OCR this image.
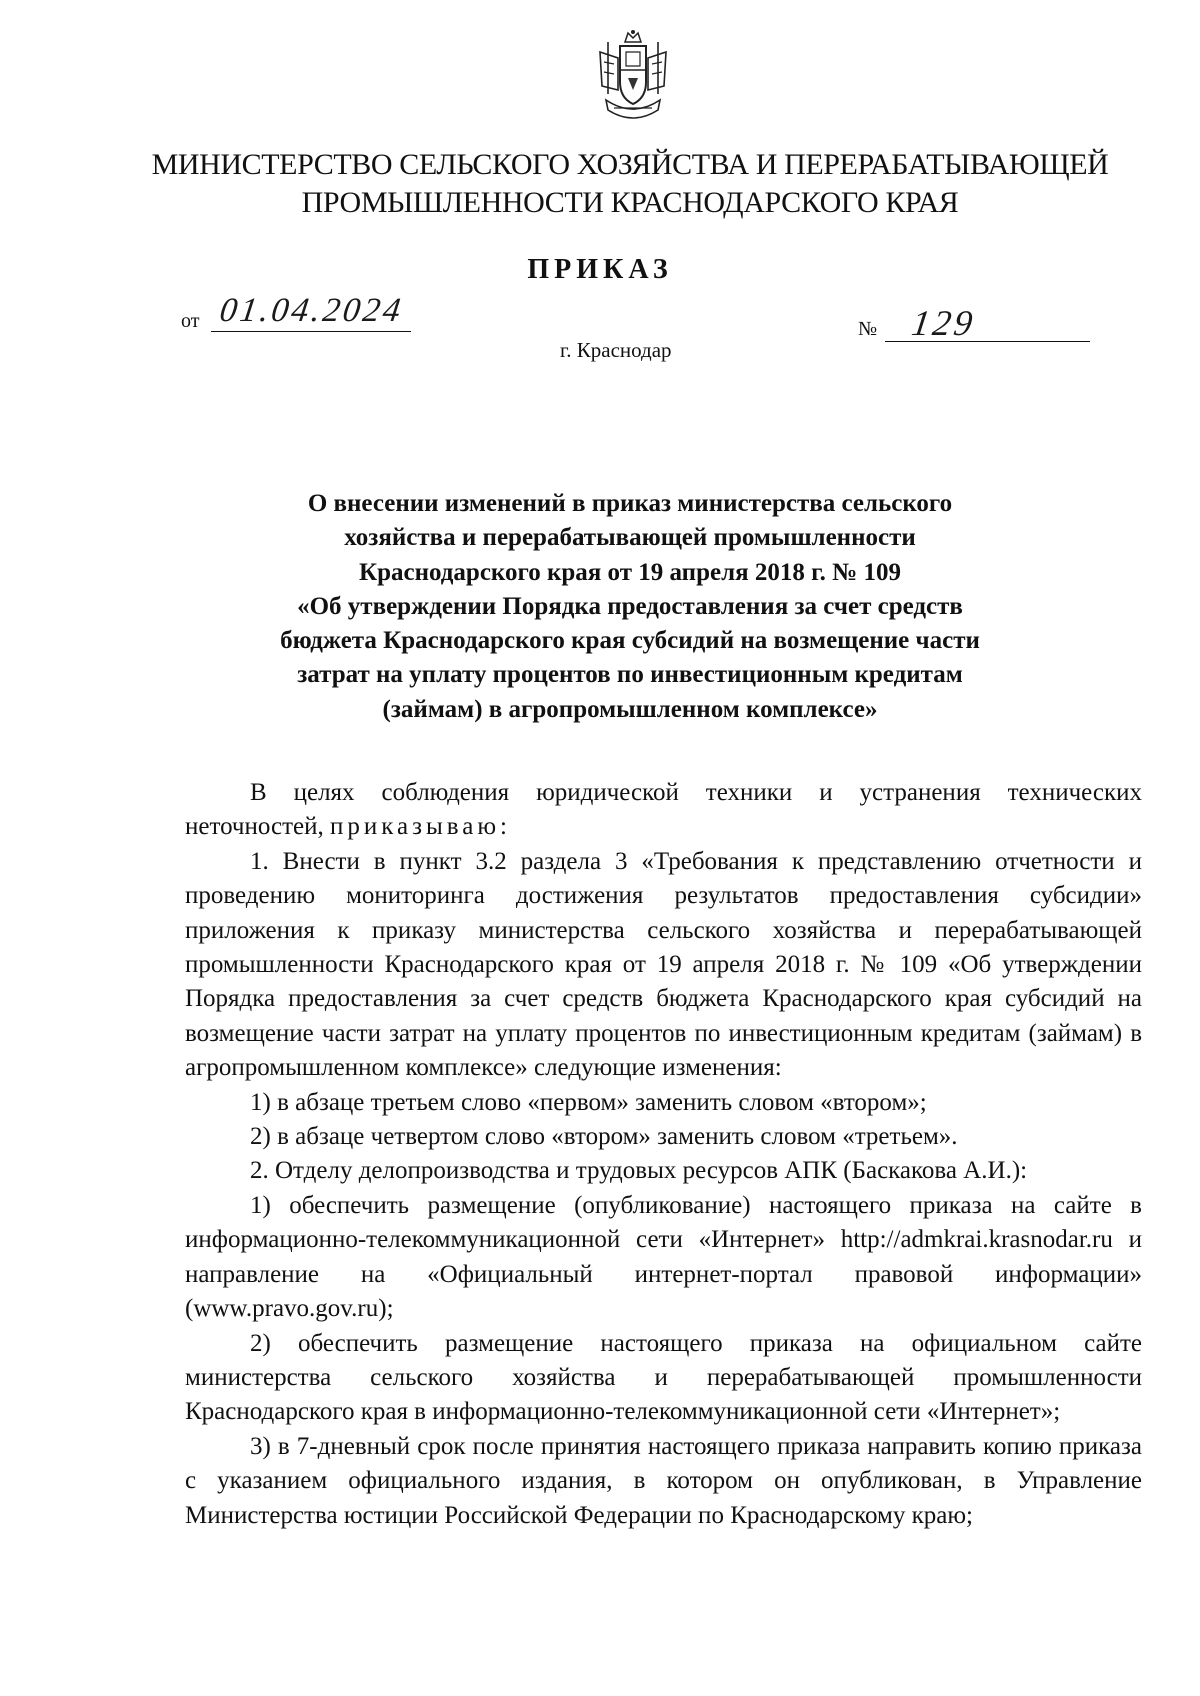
МИНИСТЕРСТВО СЕЛЬСКОГО ХОЗЯЙСТВА И ПЕРЕРАБАТЫВАЮЩЕЙ
ПРОМЫШЛЕННОСТИ КРАСНОДАРСКОГО КРАЯ
ПРИКАЗ
от 01.04.2024	№ 129
г. Краснодар
О внесении изменений в приказ министерства сельского
хозяйства и перерабатывающей промышленности
Краснодарского края от 19 апреля 2018 г. № 109
«Об утверждении Порядка предоставления за счет средств
бюджета Краснодарского края субсидий на возмещение части
затрат на уплату процентов по инвестиционным кредитам
(займам) в агропромышленном комплексе»

В целях соблюдения юридической техники и устранения технических неточностей, приказываю:

1. Внести в пункт 3.2 раздела 3 «Требования к представлению отчетности и проведению мониторинга достижения результатов предоставления субсидии» приложения к приказу министерства сельского хозяйства и перерабатывающей промышленности Краснодарского края от 19 апреля 2018 г. № 109 «Об утверждении Порядка предоставления за счет средств бюджета Краснодарского края субсидий на возмещение части затрат на уплату процентов по инвестиционным кредитам (займам) в агропромышленном комплексе» следующие изменения:

1) в абзаце третьем слово «первом» заменить словом «втором»;

2) в абзаце четвертом слово «втором» заменить словом «третьем».

2. Отделу делопроизводства и трудовых ресурсов АПК (Баскакова А.И.):

1) обеспечить размещение (опубликование) настоящего приказа на сайте в информационно-телекоммуникационной сети «Интернет» http://admkrai.krasnodar.ru и направление на «Официальный интернет-портал правовой информации» (www.pravo.gov.ru);

2) обеспечить размещение настоящего приказа на официальном сайте министерства сельского хозяйства и перерабатывающей промышленности Краснодарского края в информационно-телекоммуникационной сети «Интернет»;

3) в 7-дневный срок после принятия настоящего приказа направить копию приказа с указанием официального издания, в котором он опубликован, в Управление Министерства юстиции Российской Федерации по Краснодарскому краю;
